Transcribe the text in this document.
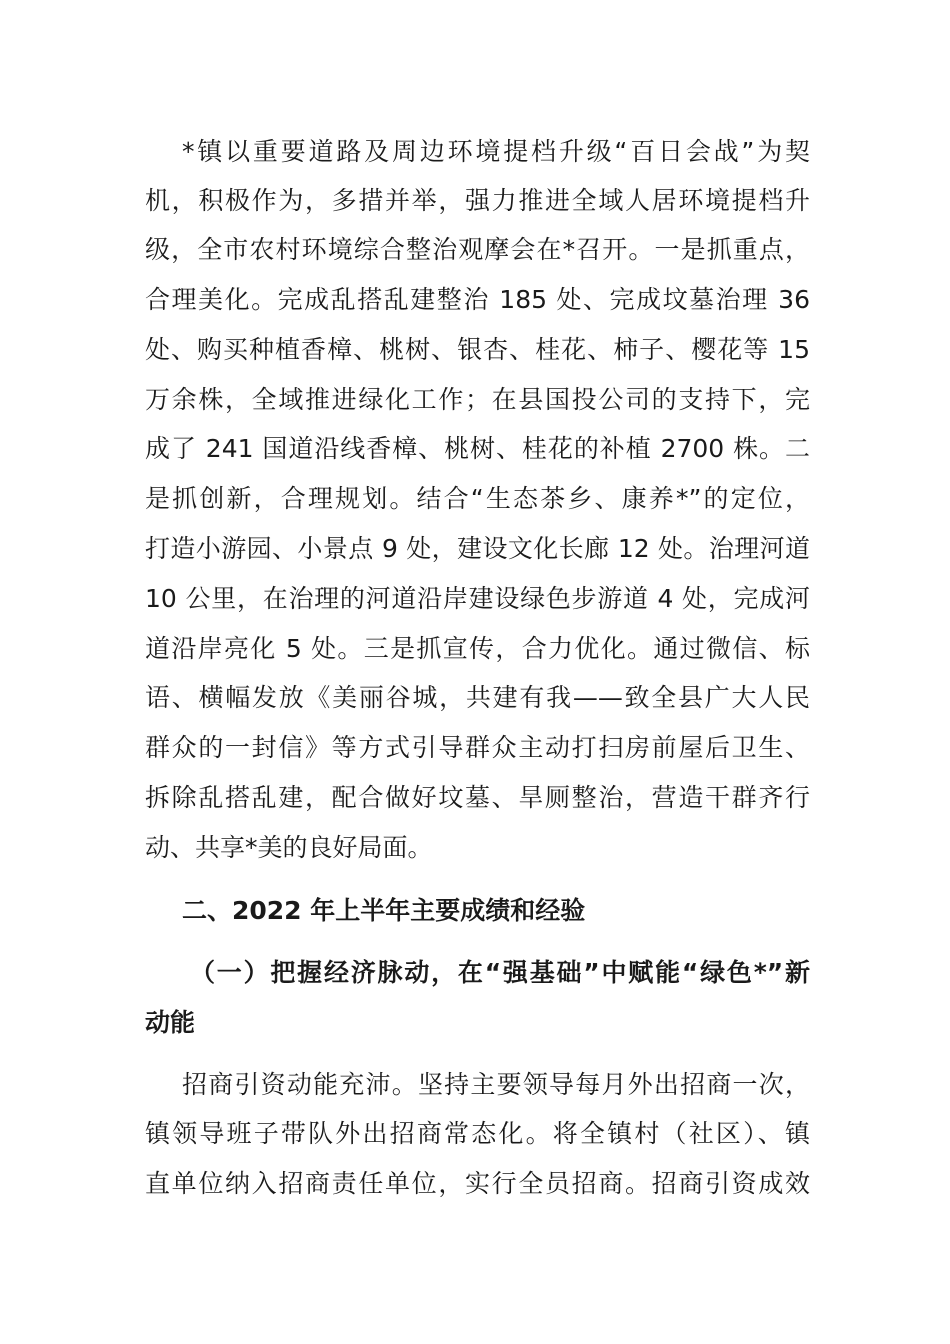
*镇以重要道路及周边环境提档升级“百日会战”为契
机，积极作为，多措并举，强力推进全域人居环境提档升
级，全市农村环境综合整治观摩会在*召开。一是抓重点，
合理美化。完成乱搭乱建整治 185 处、完成坟墓治理 36
处、购买种植香樟、桃树、银杏、桂花、柿子、樱花等 15
万余株，全域推进绿化工作；在县国投公司的支持下，完
成了 241 国道沿线香樟、桃树、桂花的补植 2700 株。二
是抓创新，合理规划。结合“生态茶乡、康养*”的定位，
打造小游园、小景点 9 处，建设文化长廊 12 处。治理河道
10 公里，在治理的河道沿岸建设绿色步游道 4 处，完成河
道沿岸亮化 5 处。三是抓宣传，合力优化。通过微信、标
语、横幅发放《美丽谷城，共建有我——致全县广大人民
群众的一封信》等方式引导群众主动打扫房前屋后卫生、
拆除乱搭乱建，配合做好坟墓、旱厕整治，营造干群齐行
动、共享*美的良好局面。
二、2022 年上半年主要成绩和经验
（一）把握经济脉动，在“强基础”中赋能“绿色*”新
动能
招商引资动能充沛。坚持主要领导每月外出招商一次，
镇领导班子带队外出招商常态化。将全镇村（社区）、镇
直单位纳入招商责任单位，实行全员招商。招商引资成效
